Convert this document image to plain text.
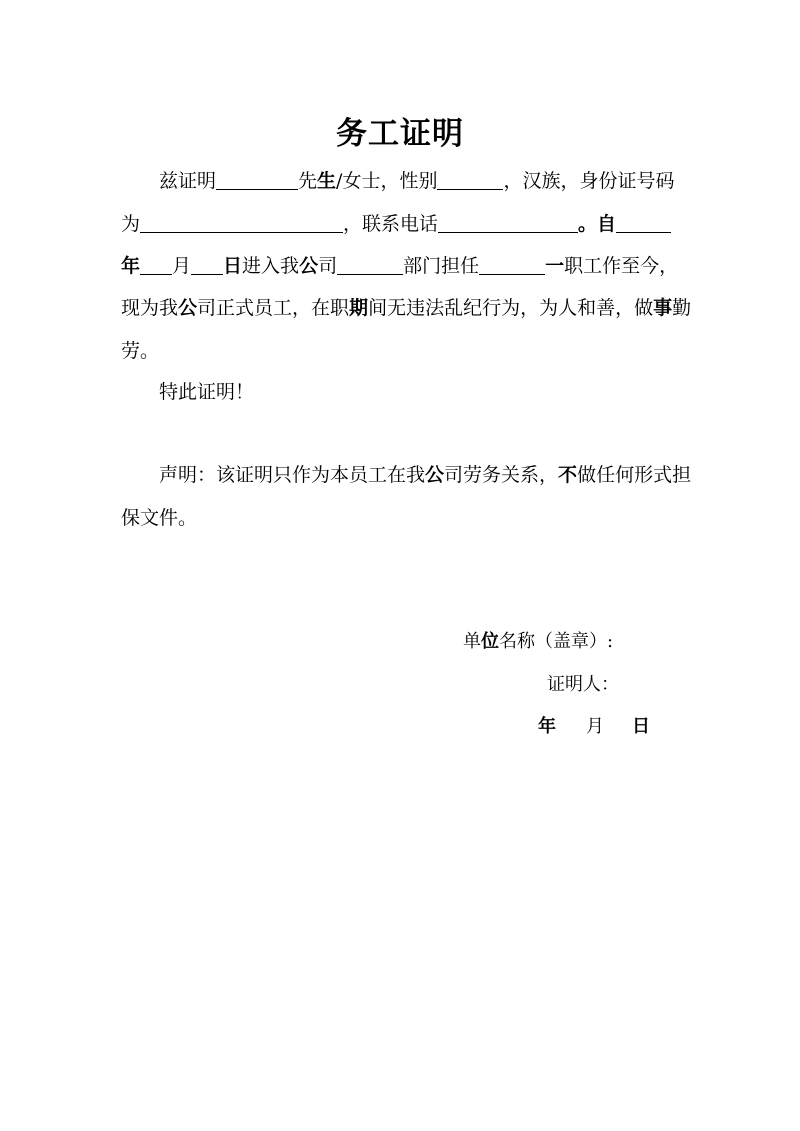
务工证明
兹证明	先生/女士，性别	，汉族，身份证号码
为	，联系电话	。自
年 月 日进入我公司	部门担任	一职工作至今，
现为我公司正式员工，在职期间无违法乱纪行为，为人和善，做事勤
劳。
特此证明！
声明：该证明只作为本员工在我公司劳务关系，不做任何形式担
保文件。
单位名称（盖章）:
证明人：
年 月 日
